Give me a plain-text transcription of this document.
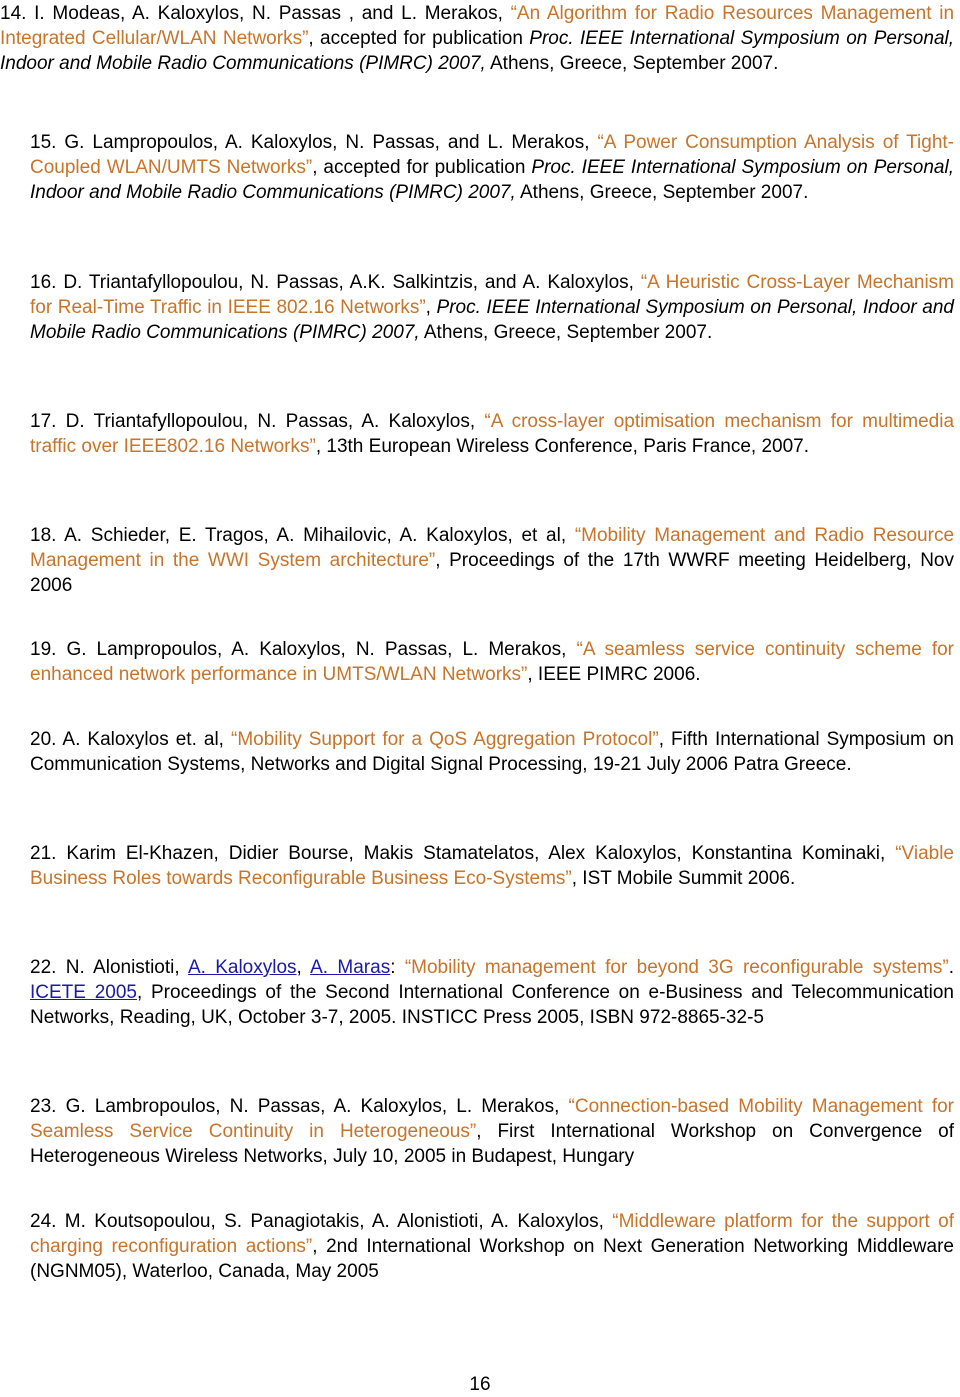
14. I. Modeas, A. Kaloxylos, N. Passas , and L. Merakos, “An Algorithm for Radio Resources Management in Integrated Cellular/WLAN Networks”, accepted for publication Proc. IEEE International Symposium on Personal, Indoor and Mobile Radio Communications (PIMRC) 2007, Athens, Greece, September 2007.

15. G. Lampropoulos, A. Kaloxylos, N. Passas, and L. Merakos, “A Power Consumption Analysis of Tight-Coupled WLAN/UMTS Networks”, accepted for publication Proc. IEEE International Symposium on Personal, Indoor and Mobile Radio Communications (PIMRC) 2007, Athens, Greece, September 2007.

16. D. Triantafyllopoulou, N. Passas, A.K. Salkintzis, and A. Kaloxylos, “A Heuristic Cross-Layer Mechanism for Real-Time Traffic in IEEE 802.16 Networks”, Proc. IEEE International Symposium on Personal, Indoor and Mobile Radio Communications (PIMRC) 2007, Athens, Greece, September 2007.

17. D. Triantafyllopoulou, N. Passas, A. Kaloxylos, “A cross-layer optimisation mechanism for multimedia traffic over IEEE802.16 Networks”, 13th European Wireless Conference, Paris France, 2007.

18. A. Schieder, E. Tragos, A. Mihailovic, A. Kaloxylos, et al, “Mobility Management and Radio Resource Management in the WWI System architecture”, Proceedings of the 17th WWRF meeting Heidelberg, Nov 2006

19. G. Lampropoulos, A. Kaloxylos, N. Passas, L. Merakos, “A seamless service continuity scheme for enhanced network performance in UMTS/WLAN Networks”, IEEE PIMRC 2006.

20. A. Kaloxylos et. al, “Mobility Support for a QoS Aggregation Protocol”, Fifth International Symposium on Communication Systems, Networks and Digital Signal Processing, 19-21 July 2006 Patra Greece.

21. Karim El-Khazen, Didier Bourse, Makis Stamatelatos, Alex Kaloxylos, Konstantina Kominaki, “Viable Business Roles towards Reconfigurable Business Eco-Systems”, IST Mobile Summit 2006.

22. N. Alonistioti, A. Kaloxylos, A. Maras: “Mobility management for beyond 3G reconfigurable systems”. ICETE 2005, Proceedings of the Second International Conference on e-Business and Telecommunication Networks, Reading, UK, October 3-7, 2005. INSTICC Press 2005, ISBN 972-8865-32-5

23. G. Lambropoulos, N. Passas, A. Kaloxylos, L. Merakos, “Connection-based Mobility Management for Seamless Service Continuity in Heterogeneous”, First International Workshop on Convergence of Heterogeneous Wireless Networks, July 10, 2005 in Budapest, Hungary

24. M. Koutsopoulou, S. Panagiotakis, A. Alonistioti, A. Kaloxylos, “Middleware platform for the support of charging reconfiguration actions”, 2nd International Workshop on Next Generation Networking Middleware (NGNM05), Waterloo, Canada, May 2005

16
